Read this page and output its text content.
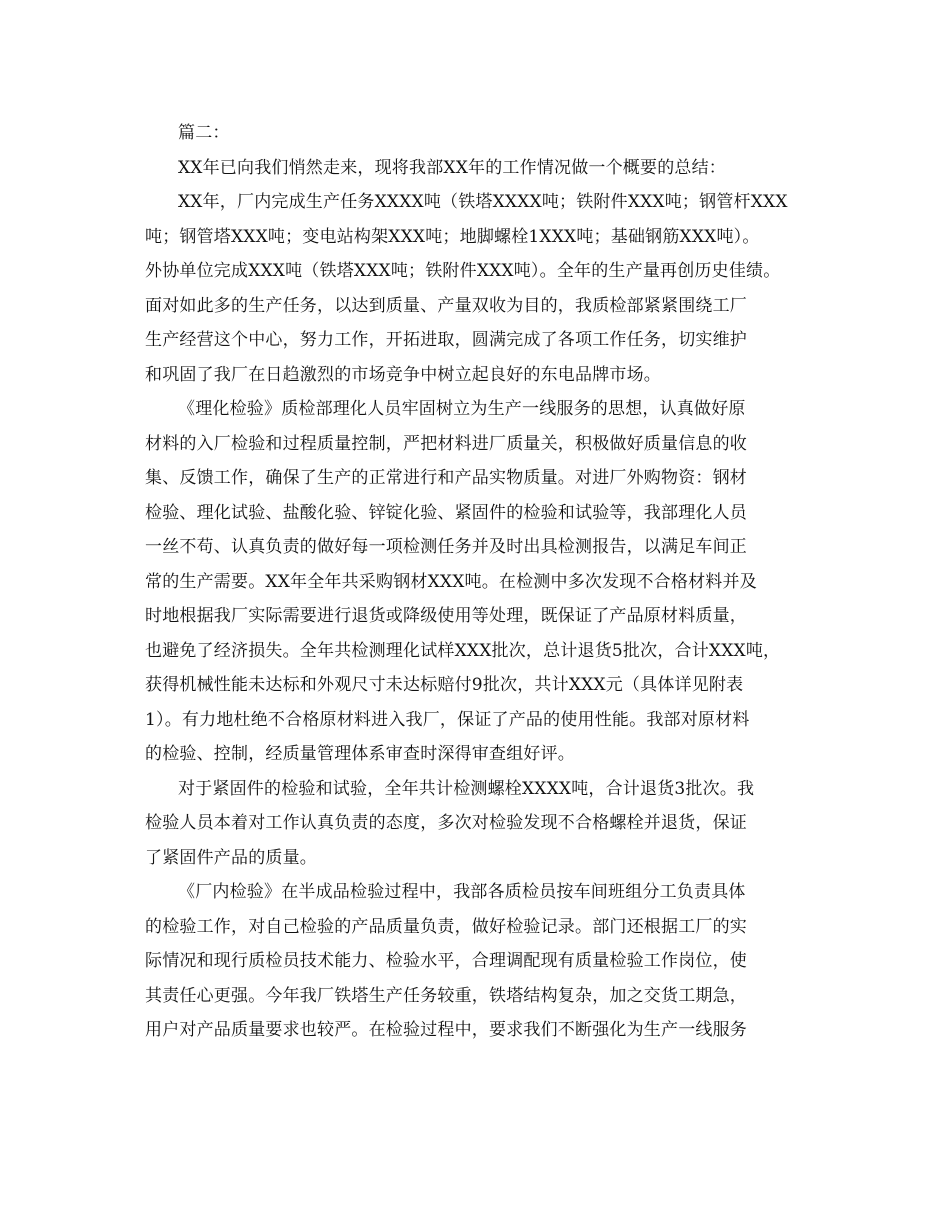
篇二：
XX年已向我们悄然走来，现将我部XX年的工作情况做一个概要的总结：
XX年，厂内完成生产任务XXXX吨（铁塔XXXX吨；铁附件XXX吨；钢管杆XXX
吨；钢管塔XXX吨；变电站构架XXX吨；地脚螺栓1XXX吨；基础钢筋XXX吨）。
外协单位完成XXX吨（铁塔XXX吨；铁附件XXX吨）。全年的生产量再创历史佳绩。
面对如此多的生产任务，以达到质量、产量双收为目的，我质检部紧紧围绕工厂
生产经营这个中心，努力工作，开拓进取，圆满完成了各项工作任务，切实维护
和巩固了我厂在日趋激烈的市场竞争中树立起良好的东电品牌市场。
《理化检验》质检部理化人员牢固树立为生产一线服务的思想，认真做好原
材料的入厂检验和过程质量控制，严把材料进厂质量关，积极做好质量信息的收
集、反馈工作，确保了生产的正常进行和产品实物质量。对进厂外购物资：钢材
检验、理化试验、盐酸化验、锌锭化验、紧固件的检验和试验等，我部理化人员
一丝不苟、认真负责的做好每一项检测任务并及时出具检测报告，以满足车间正
常的生产需要。XX年全年共采购钢材XXX吨。在检测中多次发现不合格材料并及
时地根据我厂实际需要进行退货或降级使用等处理，既保证了产品原材料质量，
也避免了经济损失。全年共检测理化试样XXX批次，总计退货5批次，合计XXX吨，
获得机械性能未达标和外观尺寸未达标赔付9批次，共计XXX元（具体详见附表
1）。有力地杜绝不合格原材料进入我厂，保证了产品的使用性能。我部对原材料
的检验、控制，经质量管理体系审查时深得审查组好评。
对于紧固件的检验和试验，全年共计检测螺栓XXXX吨，合计退货3批次。我
检验人员本着对工作认真负责的态度，多次对检验发现不合格螺栓并退货，保证
了紧固件产品的质量。
《厂内检验》在半成品检验过程中，我部各质检员按车间班组分工负责具体
的检验工作，对自己检验的产品质量负责，做好检验记录。部门还根据工厂的实
际情况和现行质检员技术能力、检验水平，合理调配现有质量检验工作岗位，使
其责任心更强。今年我厂铁塔生产任务较重，铁塔结构复杂，加之交货工期急，
用户对产品质量要求也较严。在检验过程中，要求我们不断强化为生产一线服务
